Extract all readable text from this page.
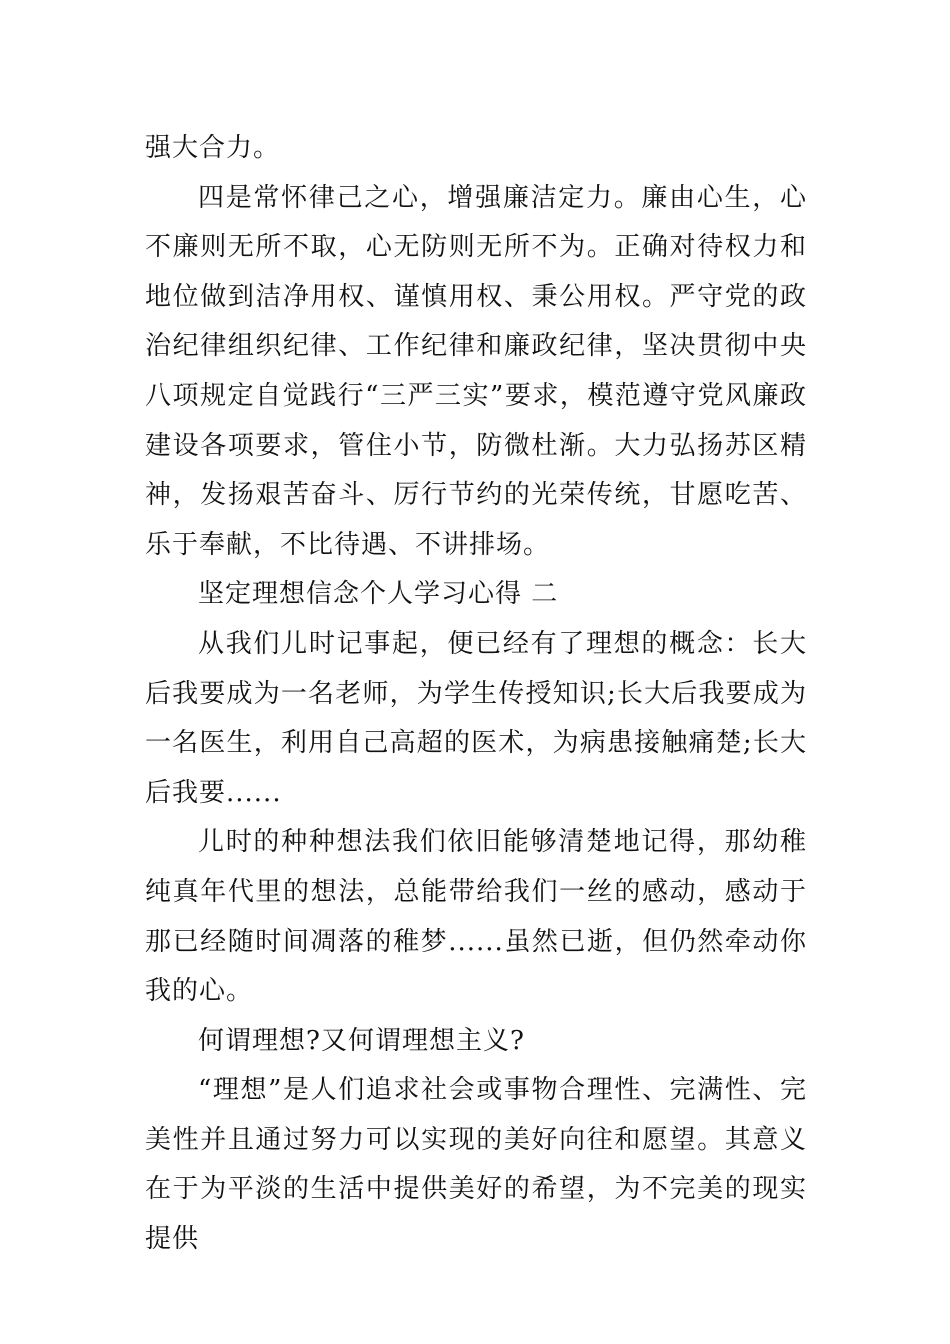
强大合力。

四是常怀律己之心，增强廉洁定力。廉由心生，心不廉则无所不取，心无防则无所不为。正确对待权力和地位做到洁净用权、谨慎用权、秉公用权。严守党的政治纪律组织纪律、工作纪律和廉政纪律，坚决贯彻中央八项规定自觉践行“三严三实”要求，模范遵守党风廉政建设各项要求，管住小节，防微杜渐。大力弘扬苏区精神，发扬艰苦奋斗、厉行节约的光荣传统，甘愿吃苦、乐于奉献，不比待遇、不讲排场。

坚定理想信念个人学习心得 二

从我们儿时记事起，便已经有了理想的概念：长大后我要成为一名老师，为学生传授知识;长大后我要成为一名医生，利用自己高超的医术，为病患接触痛楚;长大后我要......

儿时的种种想法我们依旧能够清楚地记得，那幼稚纯真年代里的想法，总能带给我们一丝的感动，感动于那已经随时间凋落的稚梦......虽然已逝，但仍然牵动你我的心。

何谓理想?又何谓理想主义?

“理想”是人们追求社会或事物合理性、完满性、完美性并且通过努力可以实现的美好向往和愿望。其意义在于为平淡的生活中提供美好的希望，为不完美的现实提供
